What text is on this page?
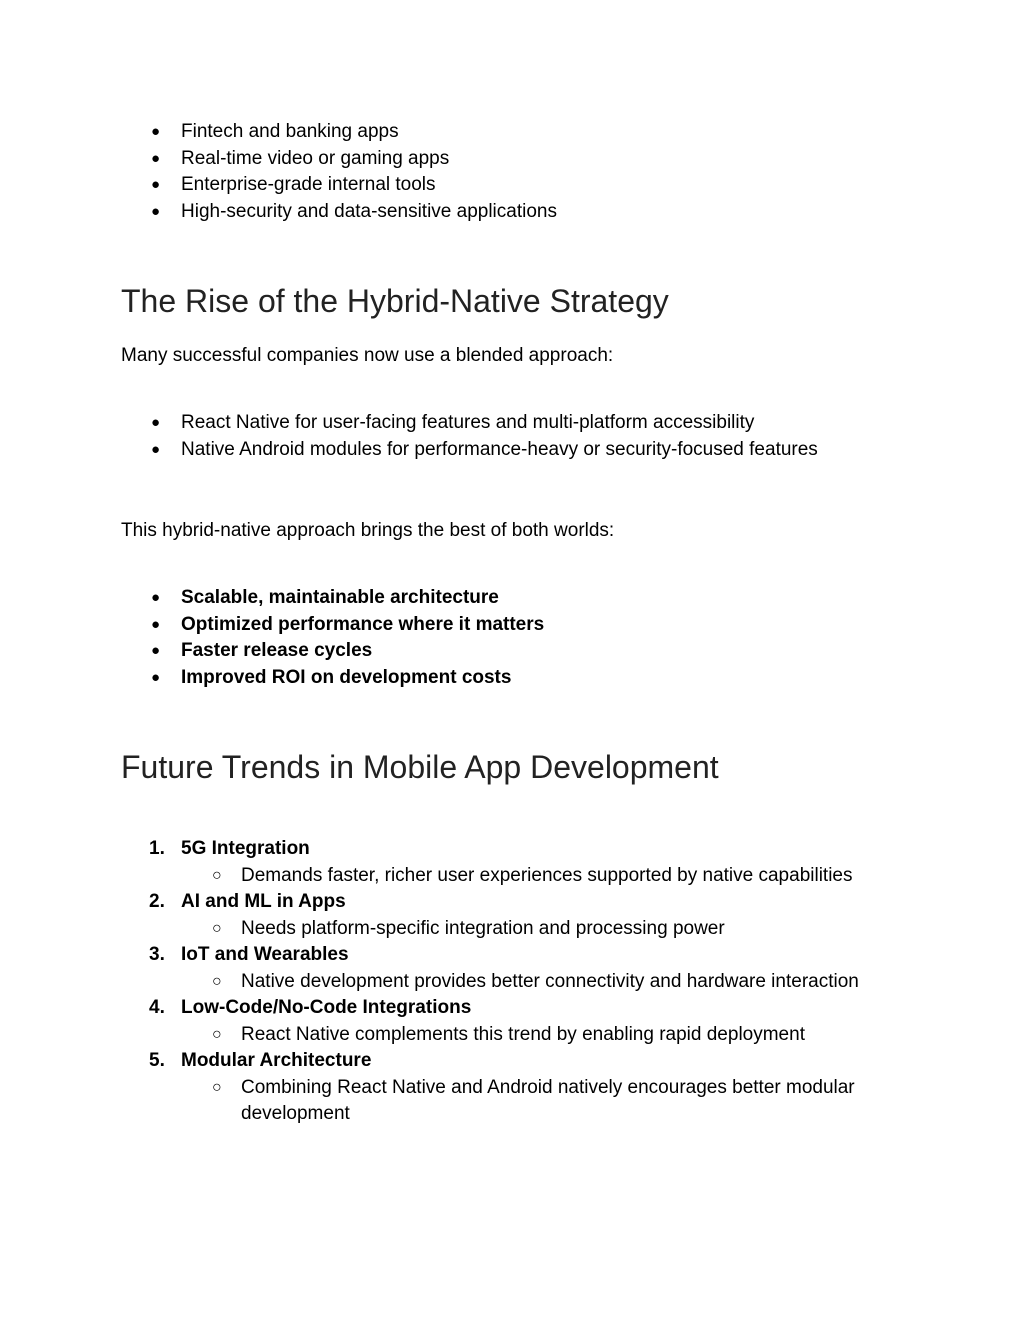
● Fintech and banking apps
● Real-time video or gaming apps
● Enterprise-grade internal tools
● High-security and data-sensitive applications
The Rise of the Hybrid-Native Strategy

Many successful companies now use a blended approach:

● React Native for user-facing features and multi-platform accessibility
● Native Android modules for performance-heavy or security-focused features

This hybrid-native approach brings the best of both worlds:

● Scalable, maintainable architecture
● Optimized performance where it matters
● Faster release cycles
● Improved ROI on development costs
Future Trends in Mobile App Development
1. 5G Integration
○ Demands faster, richer user experiences supported by native capabilities
2. AI and ML in Apps
○ Needs platform-specific integration and processing power
3. IoT and Wearables
○ Native development provides better connectivity and hardware interaction
4. Low-Code/No-Code Integrations
○ React Native complements this trend by enabling rapid deployment
5. Modular Architecture
○ Combining React Native and Android natively encourages better modular development
